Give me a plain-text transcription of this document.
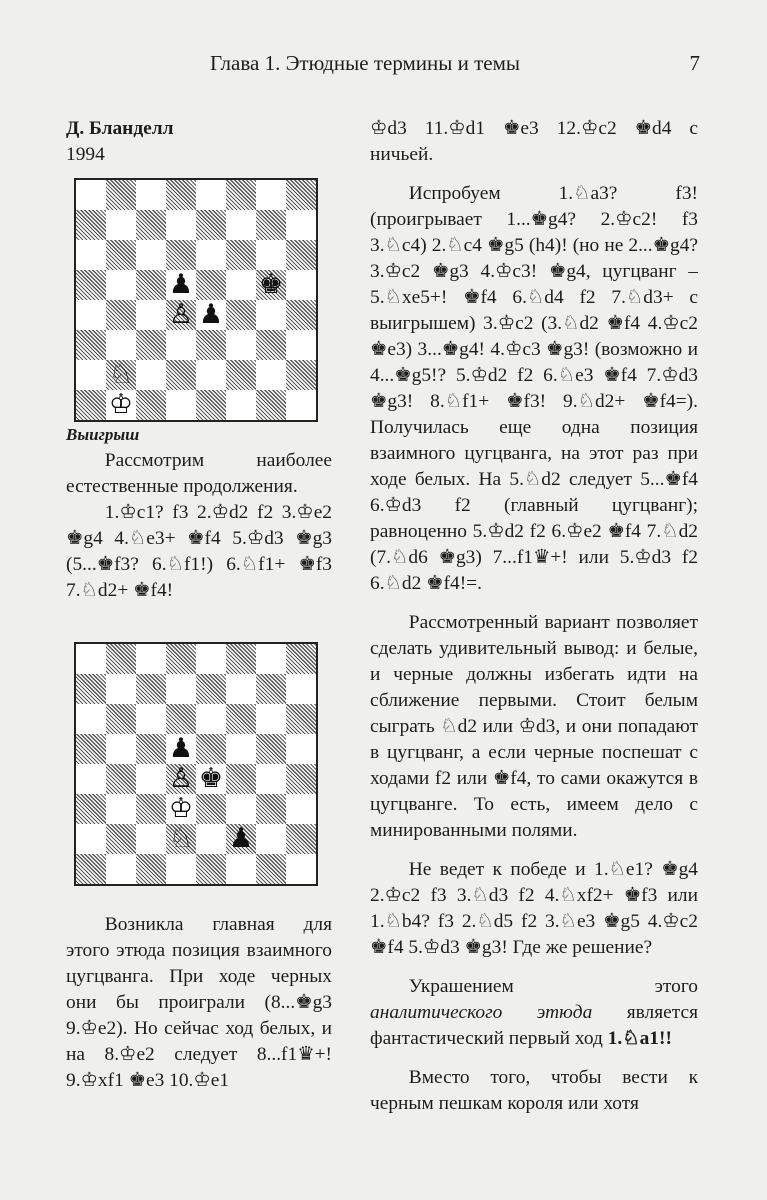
Глава 1. Этюдные термины и темы	7

Д. Бланделл

1994

♚
♟
♙ ♟
♘
♔

Выигрыш

Рассмотрим наиболее естественные продолжения.

1.♔c1? f3 2.♔d2 f2 3.♔e2 ♚g4 4.♘e3+ ♚f4 5.♔d3 ♚g3 (5...♚f3? 6.♘f1!) 6.♘f1+ ♚f3 7.♘d2+ ♚f4!

♟
♙ ♚
♔
♘ ♟

Возникла главная для этого этюда позиция взаимного цугцванга. При ходе черных они бы проиграли (8...♚g3 9.♔e2). Но сейчас ход белых, и на 8.♔e2 следует 8...f1♛+! 9.♔xf1 ♚e3 10.♔e1

♔d3 11.♔d1 ♚e3 12.♔c2 ♚d4 с ничьей.

Испробуем 1.♘a3? f3! (проигрывает 1...♚g4? 2.♔c2! f3 3.♘c4) 2.♘c4 ♚g5 (h4)! (но не 2...♚g4? 3.♔c2 ♚g3 4.♔c3! ♚g4, цугцванг – 5.♘xe5+! ♚f4 6.♘d4 f2 7.♘d3+ с выигрышем) 3.♔c2 (3.♘d2 ♚f4 4.♔c2 ♚e3) 3...♚g4! 4.♔c3 ♚g3! (возможно и 4...♚g5!? 5.♔d2 f2 6.♘e3 ♚f4 7.♔d3 ♚g3! 8.♘f1+ ♚f3! 9.♘d2+ ♚f4=). Получилась еще одна позиция взаимного цугцванга, на этот раз при ходе белых. На 5.♘d2 следует 5...♚f4 6.♔d3 f2 (главный цугцванг); равноценно 5.♔d2 f2 6.♔e2 ♚f4 7.♘d2 (7.♘d6 ♚g3) 7...f1♛+! или 5.♔d3 f2 6.♘d2 ♚f4!=.

Рассмотренный вариант позволяет сделать удивительный вывод: и белые, и черные должны избегать идти на сближение первыми. Стоит белым сыграть ♘d2 или ♔d3, и они попадают в цугцванг, а если черные поспешат с ходами f2 или ♚f4, то сами окажутся в цугцванге. То есть, имеем дело с минированными полями.

Не ведет к победе и 1.♘e1? ♚g4 2.♔c2 f3 3.♘d3 f2 4.♘xf2+ ♚f3 или 1.♘b4? f3 2.♘d5 f2 3.♘e3 ♚g5 4.♔c2 ♚f4 5.♔d3 ♚g3! Где же решение?

Украшением этого аналитического этюда является фантастический первый ход 1.♘a1!!

Вместо того, чтобы вести к черным пешкам короля или хотя
